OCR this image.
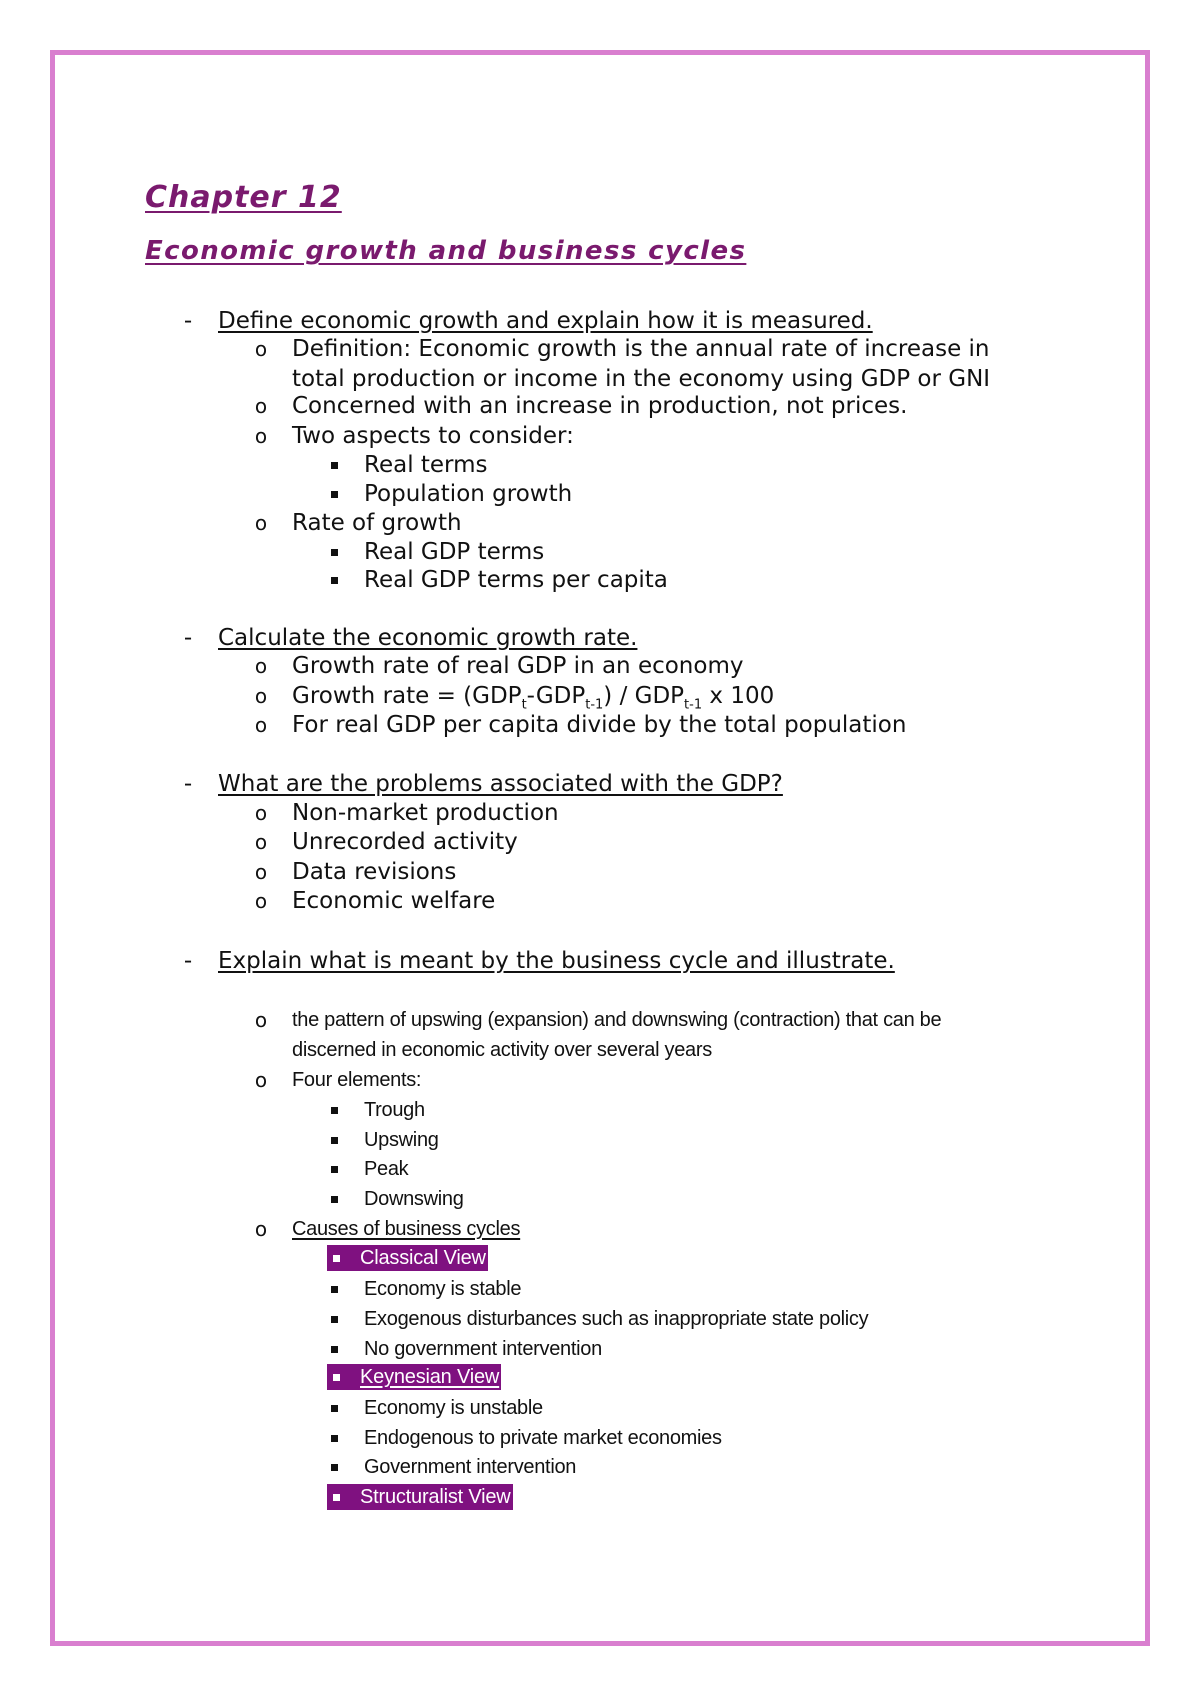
Chapter 12
Economic growth and business cycles
- Define economic growth and explain how it is measured.
o Definition: Economic growth is the annual rate of increase in
total production or income in the economy using GDP or GNI
o Concerned with an increase in production, not prices.
o Two aspects to consider:
Real terms
Population growth
o Rate of growth
Real GDP terms
Real GDP terms per capita
- Calculate the economic growth rate.
o Growth rate of real GDP in an economy
o Growth rate = $(GDP_t-GDP_{t-1}) / GDP_{t-1}$ x 100
o For real GDP per capita divide by the total population
- What are the problems associated with the GDP?
o Non-market production
o Unrecorded activity
o Data revisions
o Economic welfare
- Explain what is meant by the business cycle and illustrate.
o the pattern of upswing (expansion) and downswing (contraction) that can be
discerned in economic activity over several years
o Four elements:
Trough
Upswing
Peak
Downswing
o Causes of business cycles
Classical View
Economy is stable
Exogenous disturbances such as inappropriate state policy
No government intervention
Keynesian View
Economy is unstable
Endogenous to private market economies
Government intervention
Structuralist View
